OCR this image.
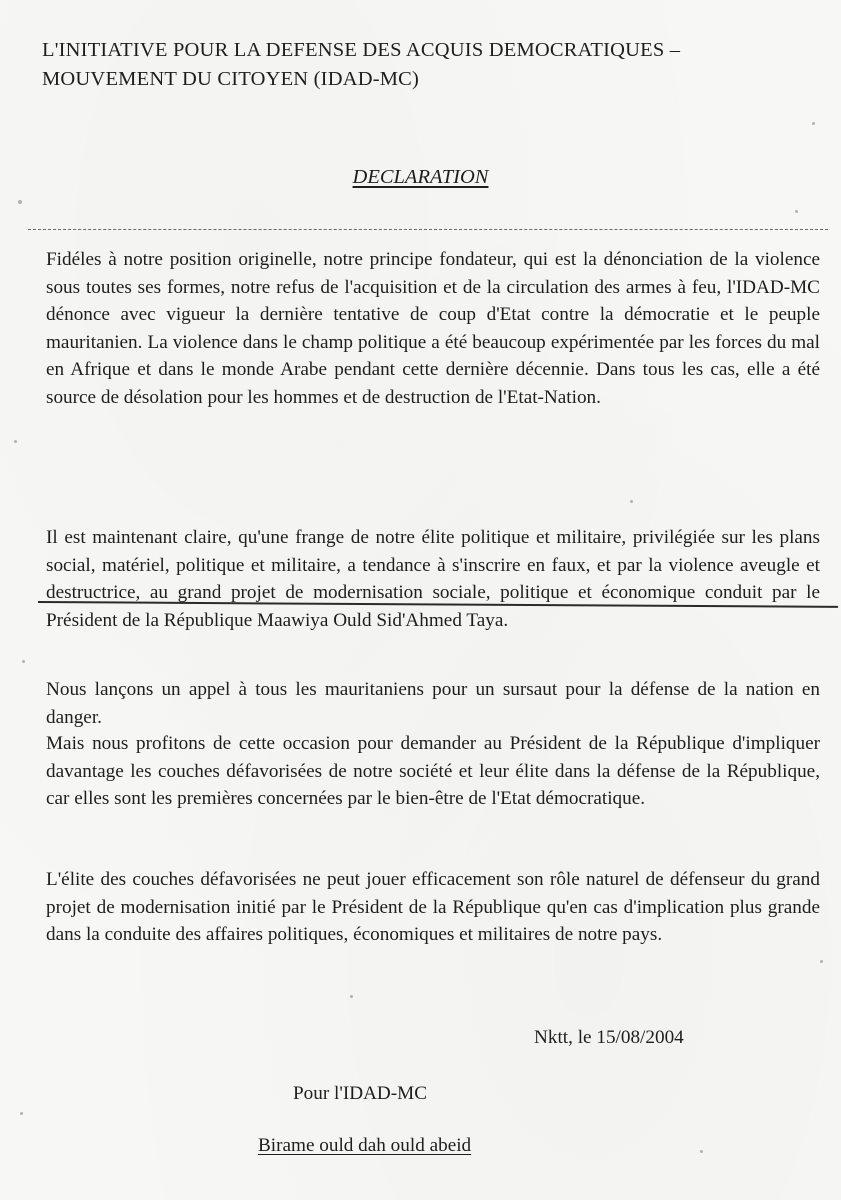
L'INITIATIVE POUR LA DEFENSE DES ACQUIS DEMOCRATIQUES –
MOUVEMENT DU CITOYEN (IDAD-MC)
DECLARATION
Fidéles à notre position originelle, notre principe fondateur, qui est la dénonciation de la violence sous toutes ses formes, notre refus de l'acquisition et de la circulation des armes à feu, l'IDAD-MC dénonce avec vigueur la dernière tentative de coup d'Etat contre la démocratie et le peuple mauritanien. La violence dans le champ politique a été beaucoup expérimentée par les forces du mal en Afrique et dans le monde Arabe pendant cette dernière décennie. Dans tous les cas, elle a été source de désolation pour les hommes et de destruction de l'Etat-Nation.
Il est maintenant claire, qu'une frange de notre élite politique et militaire, privilégiée sur les plans social, matériel, politique et militaire, a tendance à s'inscrire en faux, et par la violence aveugle et destructrice, au grand projet de modernisation sociale, politique et économique conduit par le Président de la République Maawiya Ould Sid'Ahmed Taya.
Nous lançons un appel à tous les mauritaniens pour un sursaut pour la défense de la nation en danger.
Mais nous profitons de cette occasion pour demander au Président de la République d'impliquer davantage les couches défavorisées de notre société et leur élite dans la défense de la République, car elles sont les premières concernées par le bien-être de l'Etat démocratique.
L'élite des couches défavorisées ne peut jouer efficacement son rôle naturel de défenseur du grand projet de modernisation initié par le Président de la République qu'en cas d'implication plus grande dans la conduite des affaires politiques, économiques et militaires de notre pays.
Nktt, le 15/08/2004
Pour l'IDAD-MC
Birame ould dah ould abeid
